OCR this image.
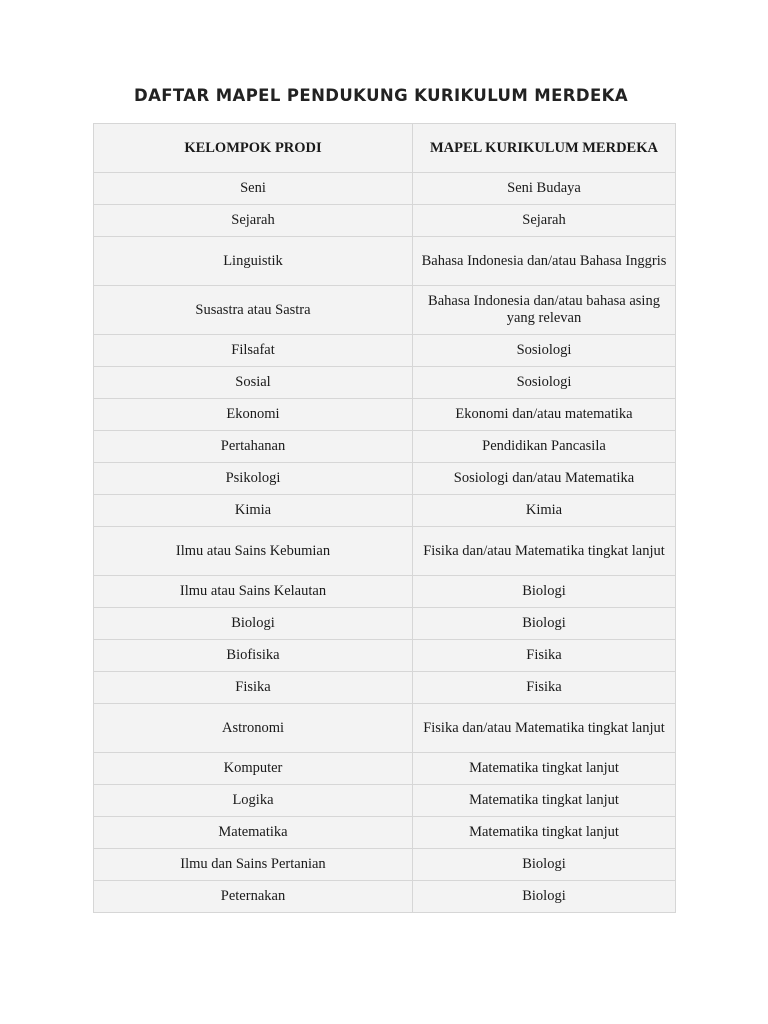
DAFTAR MAPEL PENDUKUNG KURIKULUM MERDEKA
KELOMPOK PRODI	MAPEL KURIKULUM MERDEKA
Seni	Seni Budaya
Sejarah	Sejarah
Linguistik	Bahasa Indonesia dan/atau Bahasa Inggris
Susastra atau Sastra	Bahasa Indonesia dan/atau bahasa asing yang relevan
Filsafat	Sosiologi
Sosial	Sosiologi
Ekonomi	Ekonomi dan/atau matematika
Pertahanan	Pendidikan Pancasila
Psikologi	Sosiologi dan/atau Matematika
Kimia	Kimia
Ilmu atau Sains Kebumian	Fisika dan/atau Matematika tingkat lanjut
Ilmu atau Sains Kelautan	Biologi
Biologi	Biologi
Biofisika	Fisika
Fisika	Fisika
Astronomi	Fisika dan/atau Matematika tingkat lanjut
Komputer	Matematika tingkat lanjut
Logika	Matematika tingkat lanjut
Matematika	Matematika tingkat lanjut
Ilmu dan Sains Pertanian	Biologi
Peternakan	Biologi
